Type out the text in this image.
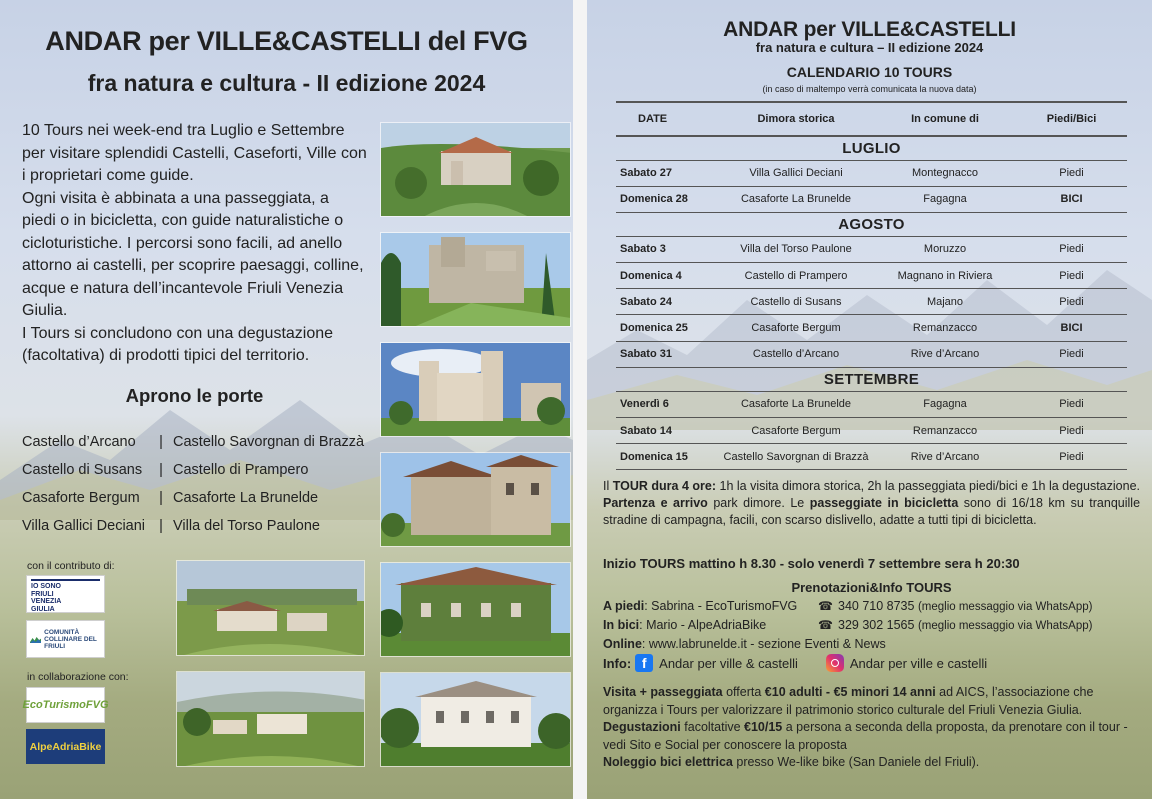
ANDAR per VILLE&CASTELLI del FVG
fra natura e cultura - II edizione 2024

10 Tours nei week-end tra Luglio e Settembre per visitare splendidi Castelli, Caseforti, Ville con i proprietari come guide.

Ogni visita è abbinata a una passeggiata, a piedi o in bicicletta, con guide naturalistiche o cicloturistiche. I percorsi sono facili, ad anello attorno ai castelli, per scoprire paesaggi, colline, acque e natura dell’incantevole Friuli Venezia Giulia.

I Tours si concludono con una degustazione (facoltativa) di prodotti tipici del territorio.

Aprono le porte
Castello d’Arcano	| Castello Savorgnan di Brazzà
Castello di Susans	| Castello di Prampero
Casaforte Bergum	| Casaforte La Brunelde
Villa Gallici Deciani | Villa del Torso Paulone
con il contributo di:
IO SONO
FRIULI
VENEZIA
GIULIA
COMUNITÀ COLLINARE DEL FRIULI
in collaborazione con:
EcoTurismoFVG
AlpeAdriaBike
ANDAR per VILLE&CASTELLI
fra natura e cultura – II edizione 2024
CALENDARIO 10 TOURS
(in caso di maltempo verrà comunicata la nuova data)
DATE	Dimora storica	In comune di	Piedi/Bici
LUGLIO			
Sabato 27	Villa Gallici Deciani	Montegnacco	Piedi
Domenica 28	Casaforte La Brunelde	Fagagna	BICI
AGOSTO			
Sabato 3	Villa del Torso Paulone	Moruzzo	Piedi
Domenica 4	Castello di Prampero	Magnano in Riviera	Piedi
Sabato 24	Castello di Susans	Majano	Piedi
Domenica 25	Casaforte Bergum	Remanzacco	BICI
Sabato 31	Castello d’Arcano	Rive d’Arcano	Piedi
SETTEMBRE			
Venerdì 6	Casaforte La Brunelde	Fagagna	Piedi
Sabato 14	Casaforte Bergum	Remanzacco	Piedi
Domenica 15	Castello Savorgnan di Brazzà	Rive d’Arcano	Piedi
Il TOUR dura 4 ore: 1h la visita dimora storica, 2h la passeggiata piedi/bici e 1h la degustazione. Partenza e arrivo park dimore. Le passeggiate in bicicletta sono di 16/18 km su tranquille stradine di campagna, facili, con scarso dislivello, adatte a tutti tipi di bicicletta.
Inizio TOURS mattino h 8.30 - solo venerdì 7 settembre sera h 20:30
Prenotazioni&Info TOURS
A piedi: Sabrina - EcoTurismoFVG ☎ 340 710 8735 (meglio messaggio via WhatsApp)
In bici: Mario - AlpeAdriaBike	☎ 329 302 1565 (meglio messaggio via WhatsApp)
Online: www.labrunelde.it - sezione Eventi & News
Info: f Andar per ville & castelli	Andar per ville e castelli
Visita + passeggiata offerta €10 adulti - €5 minori 14 anni ad AICS, l’associazione che organizza i Tours per valorizzare il patrimonio storico culturale del Friuli Venezia Giulia.
Degustazioni facoltative €10/15 a persona a seconda della proposta, da prenotare con il tour - vedi Sito e Social per conoscere la proposta
Noleggio bici elettrica presso We-like bike (San Daniele del Friuli).
